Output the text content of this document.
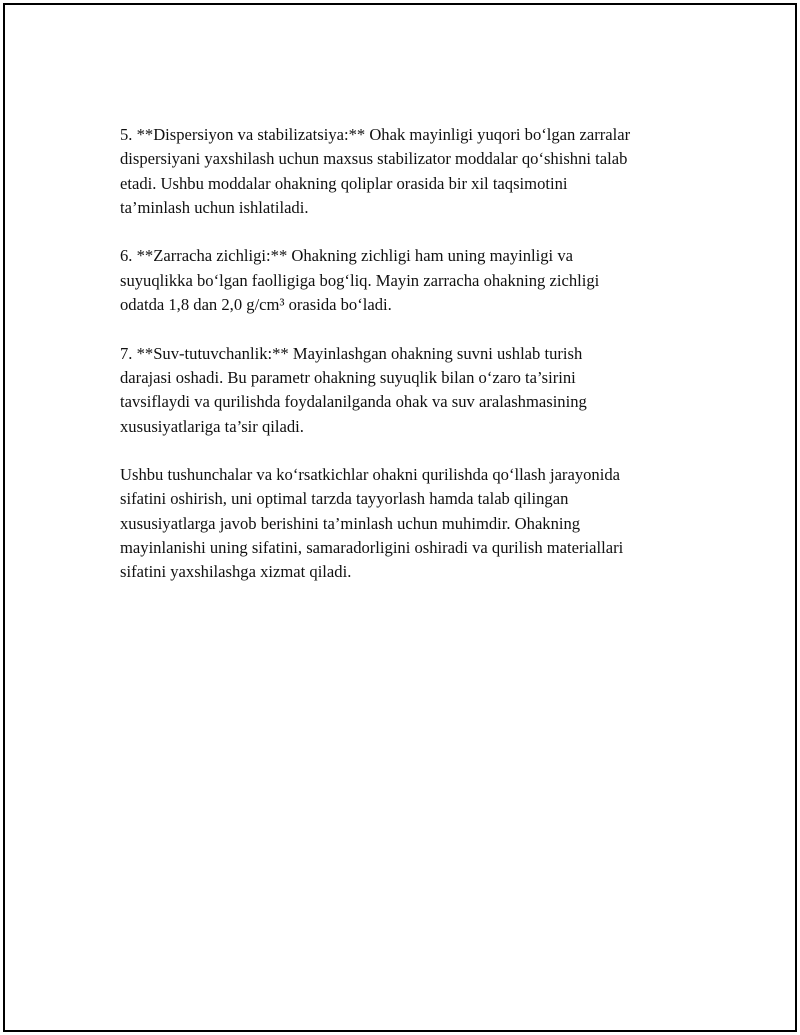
5. **Dispersiyon va stabilizatsiya:** Ohak mayinligi yuqori bo‘lgan zarralar
dispersiyani yaxshilash uchun maxsus stabilizator moddalar qo‘shishni talab
etadi. Ushbu moddalar ohakning qoliplar orasida bir xil taqsimotini
ta’minlash uchun ishlatiladi.

6. **Zarracha zichligi:** Ohakning zichligi ham uning mayinligi va
suyuqlikka bo‘lgan faolligiga bog‘liq. Mayin zarracha ohakning zichligi
odatda 1,8 dan 2,0 g/cm³ orasida bo‘ladi.

7. **Suv-tutuvchanlik:** Mayinlashgan ohakning suvni ushlab turish
darajasi oshadi. Bu parametr ohakning suyuqlik bilan o‘zaro ta’sirini
tavsiflaydi va qurilishda foydalanilganda ohak va suv aralashmasining
xususiyatlariga ta’sir qiladi.

Ushbu tushunchalar va ko‘rsatkichlar ohakni qurilishda qo‘llash jarayonida
sifatini oshirish, uni optimal tarzda tayyorlash hamda talab qilingan
xususiyatlarga javob berishini ta’minlash uchun muhimdir. Ohakning
mayinlanishi uning sifatini, samaradorligini oshiradi va qurilish materiallari
sifatini yaxshilashga xizmat qiladi.
